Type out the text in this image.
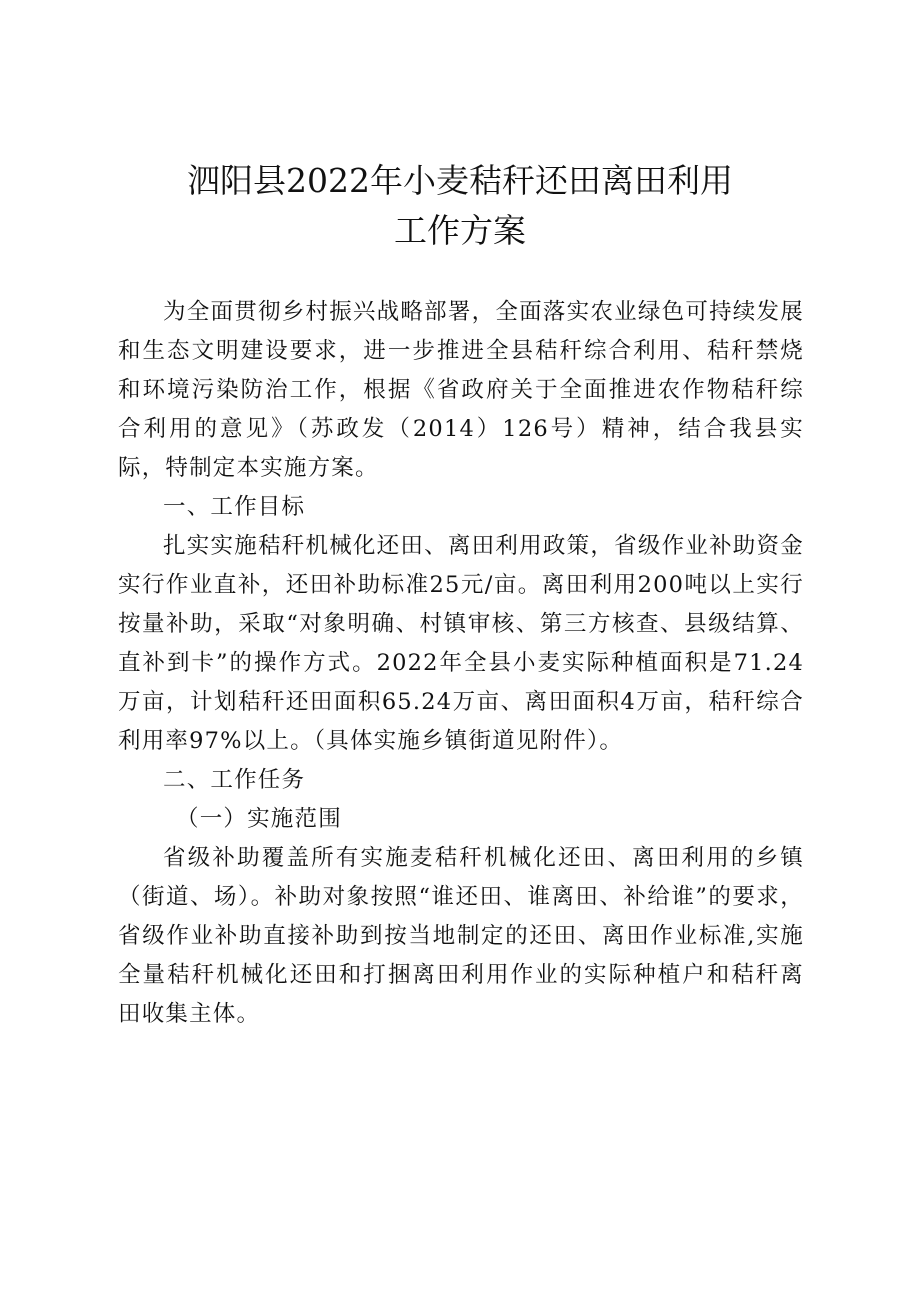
泗阳县2022年小麦秸秆还田离田利用
工作方案

为全面贯彻乡村振兴战略部署，全面落实农业绿色可持续发展和生态文明建设要求，进一步推进全县秸秆综合利用、秸秆禁烧和环境污染防治工作，根据《省政府关于全面推进农作物秸秆综合利用的意见》（苏政发（2014）126号）精神，结合我县实际，特制定本实施方案。

一、工作目标

扎实实施秸秆机械化还田、离田利用政策，省级作业补助资金实行作业直补，还田补助标准25元/亩。离田利用200吨以上实行按量补助，采取“对象明确、村镇审核、第三方核查、县级结算、直补到卡”的操作方式。2022年全县小麦实际种植面积是71.24万亩，计划秸秆还田面积65.24万亩、离田面积4万亩，秸秆综合利用率97%以上。（具体实施乡镇街道见附件）。

二、工作任务

（一）实施范围

省级补助覆盖所有实施麦秸秆机械化还田、离田利用的乡镇（街道、场）。补助对象按照“谁还田、谁离田、补给谁”的要求，省级作业补助直接补助到按当地制定的还田、离田作业标准,实施全量秸秆机械化还田和打捆离田利用作业的实际种植户和秸秆离田收集主体。
